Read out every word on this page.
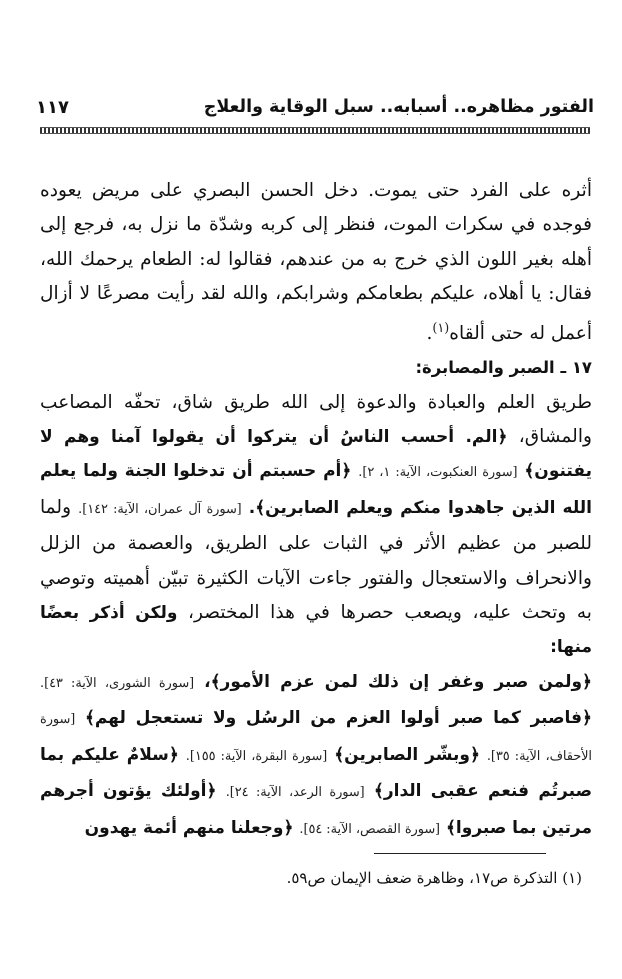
الفتور مظاهره.. أسبابه.. سبل الوقاية والعلاج
١١٧

أثره على الفرد حتى يموت. دخل الحسن البصري على مريض يعوده فوجده في سكرات الموت، فنظر إلى كربه وشدّة ما نزل به، فرجع إلى أهله بغير اللون الذي خرج به من عندهم، فقالوا له: الطعام يرحمك الله، فقال: يا أهلاه، عليكم بطعامكم وشرابكم، والله لقد رأيت مصرعًا لا أزال أعمل له حتى ألقاه$^{(١)}$.

١٧ ـ الصبر والمصابرة:

طريق العلم والعبادة والدعوة إلى الله طريق شاق، تحفّه المصاعب والمشاق، ﴿الم. أحسب الناسُ أن يتركوا أن يقولوا آمنا وهم لا يفتنون﴾ [سورة العنكبوت، الآية: ١، ٢]. ﴿أم حسبتم أن تدخلوا الجنة ولما يعلم الله الذين جاهدوا منكم ويعلم الصابرين﴾. [سورة آل عمران، الآية: ١٤٢]. ولما للصبر من عظيم الأثر في الثبات على الطريق، والعصمة من الزلل والانحراف والاستعجال والفتور جاءت الآيات الكثيرة تبيّن أهميته وتوصي به وتحث عليه، ويصعب حصرها في هذا المختصر، ولكن أذكر بعضًا منها:

﴿ولمن صبر وغفر إن ذلك لمن عزم الأمور﴾، [سورة الشورى، الآية: ٤٣]. ﴿فاصبر كما صبر أولوا العزم من الرسُل ولا تستعجل لهم﴾ [سورة الأحقاف، الآية: ٣٥]. ﴿وبشّر الصابرين﴾ [سورة البقرة، الآية: ١٥٥]. ﴿سلامٌ عليكم بما صبرتُم فنعم عقبى الدار﴾ [سورة الرعد، الآية: ٢٤]. ﴿أولئك يؤتون أجرهم مرتين بما صبروا﴾ [سورة القصص، الآية: ٥٤]. ﴿وجعلنا منهم أئمة يهدون

(١) التذكرة ص١٧، وظاهرة ضعف الإيمان ص٥٩.
